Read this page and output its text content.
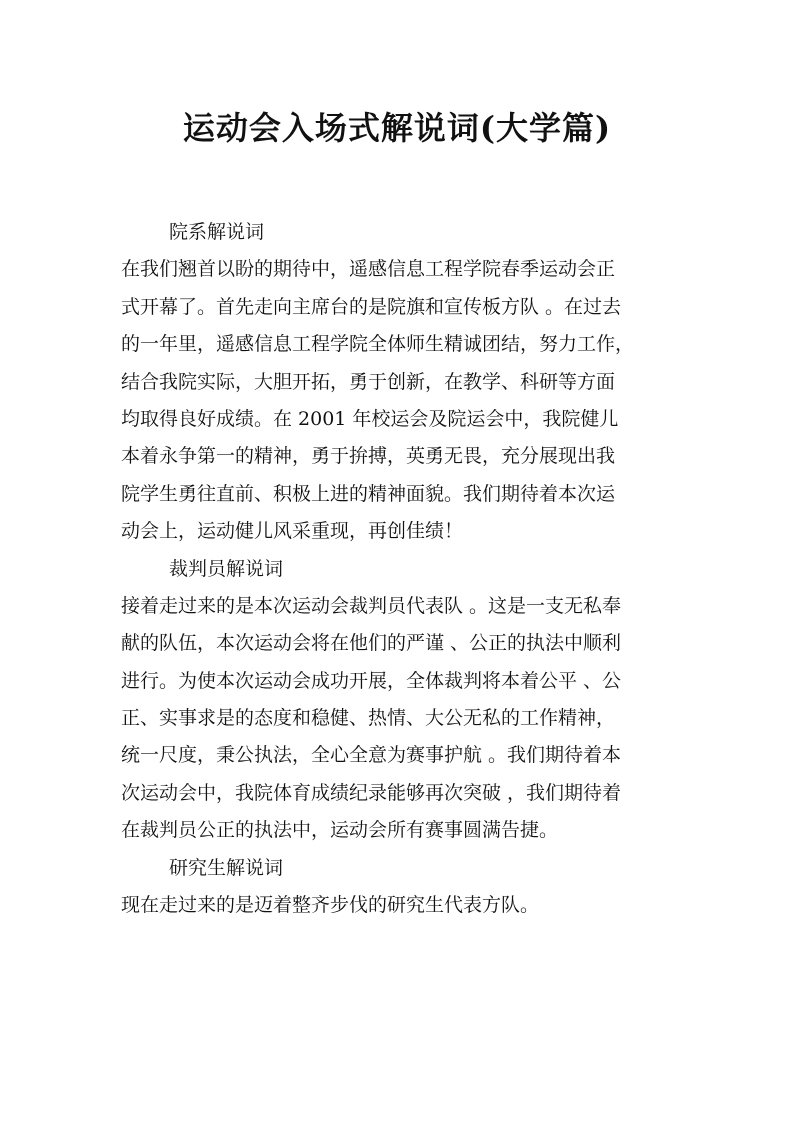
运动会入场式解说词(大学篇)
院系解说词
在我们翘首以盼的期待中，遥感信息工程学院春季运动会正
式开幕了。首先走向主席台的是院旗和宣传板方队 。在过去
的一年里，遥感信息工程学院全体师生精诚团结，努力工作，
结合我院实际，大胆开拓，勇于创新，在教学、科研等方面
均取得良好成绩。在 2001 年校运会及院运会中，我院健儿
本着永争第一的精神，勇于拚搏，英勇无畏，充分展现出我
院学生勇往直前、积极上进的精神面貌。我们期待着本次运
动会上，运动健儿风采重现，再创佳绩！
裁判员解说词
接着走过来的是本次运动会裁判员代表队 。这是一支无私奉
献的队伍，本次运动会将在他们的严谨 、公正的执法中顺利
进行。为使本次运动会成功开展，全体裁判将本着公平 、公
正、实事求是的态度和稳健、热情、大公无私的工作精神，
统一尺度，秉公执法，全心全意为赛事护航 。我们期待着本
次运动会中，我院体育成绩纪录能够再次突破 ，我们期待着
在裁判员公正的执法中，运动会所有赛事圆满告捷。
研究生解说词
现在走过来的是迈着整齐步伐的研究生代表方队。
